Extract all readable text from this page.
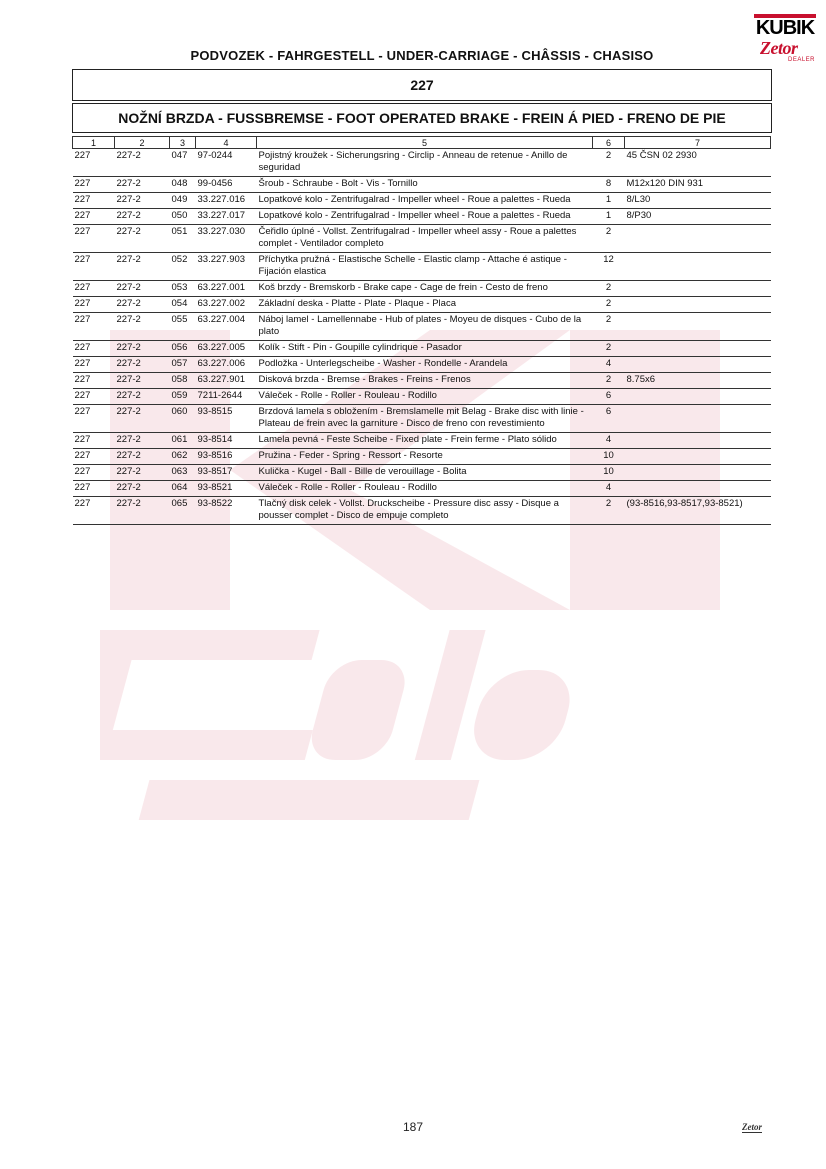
KUBIK
Zetor
DEALER
PODVOZEK - FAHRGESTELL - UNDER-CARRIAGE - CHÂSSIS - CHASISO
227
NOŽNÍ BRZDA - FUSSBREMSE - FOOT OPERATED BRAKE - FREIN Á PIED - FRENO DE PIE
1	2	3	4	5	6	7
227	227-2	047	97-0244	Pojistný kroužek - Sicherungsring - Circlip - Anneau de retenue - Anillo de seguridad	2	45 ČSN 02 2930
227	227-2	048	99-0456	Šroub - Schraube - Bolt - Vis - Tornillo	8	M12x120 DIN 931
227	227-2	049	33.227.016	Lopatkové kolo - Zentrifugalrad - Impeller wheel - Roue a palettes - Rueda	1	8/L30
227	227-2	050	33.227.017	Lopatkové kolo - Zentrifugalrad - Impeller wheel - Roue a palettes - Rueda	1	8/P30
227	227-2	051	33.227.030	Čeřidlo úplné - Vollst. Zentrifugalrad - Impeller wheel assy - Roue a palettes complet - Ventilador completo	2	
227	227-2	052	33.227.903	Příchytka pružná - Elastische Schelle - Elastic clamp - Attache é astique - Fijación elastica	12	
227	227-2	053	63.227.001	Koš brzdy - Bremskorb - Brake cape - Cage de frein - Cesto de freno	2	
227	227-2	054	63.227.002	Základní deska - Platte - Plate - Plaque - Placa	2	
227	227-2	055	63.227.004	Náboj lamel - Lamellennabe - Hub of plates - Moyeu de disques - Cubo de la plato	2	
227	227-2	056	63.227.005	Kolík - Stift - Pin - Goupille cylindrique - Pasador	2	
227	227-2	057	63.227.006	Podložka - Unterlegscheibe - Washer - Rondelle - Arandela	4	
227	227-2	058	63.227.901	Disková brzda - Bremse - Brakes - Freins - Frenos	2	8.75x6
227	227-2	059	7211-2644	Váleček - Rolle - Roller - Rouleau - Rodillo	6	
227	227-2	060	93-8515	Brzdová lamela s obložením - Bremslamelle mit Belag - Brake disc with linie - Plateau de frein avec la garniture - Disco de freno con revestimiento	6	
227	227-2	061	93-8514	Lamela pevná - Feste Scheibe - Fixed plate - Frein ferme - Plato sólido	4	
227	227-2	062	93-8516	Pružina - Feder - Spring - Ressort - Resorte	10	
227	227-2	063	93-8517	Kulička - Kugel - Ball - Bille de verouillage - Bolita	10	
227	227-2	064	93-8521	Váleček - Rolle - Roller - Rouleau - Rodillo	4	
227	227-2	065	93-8522	Tlačný disk celek - Vollst. Druckscheibe - Pressure disc assy - Disque a pousser complet - Disco de empuje completo	2	(93-8516,93-8517,93-8521)
187	Zetor
